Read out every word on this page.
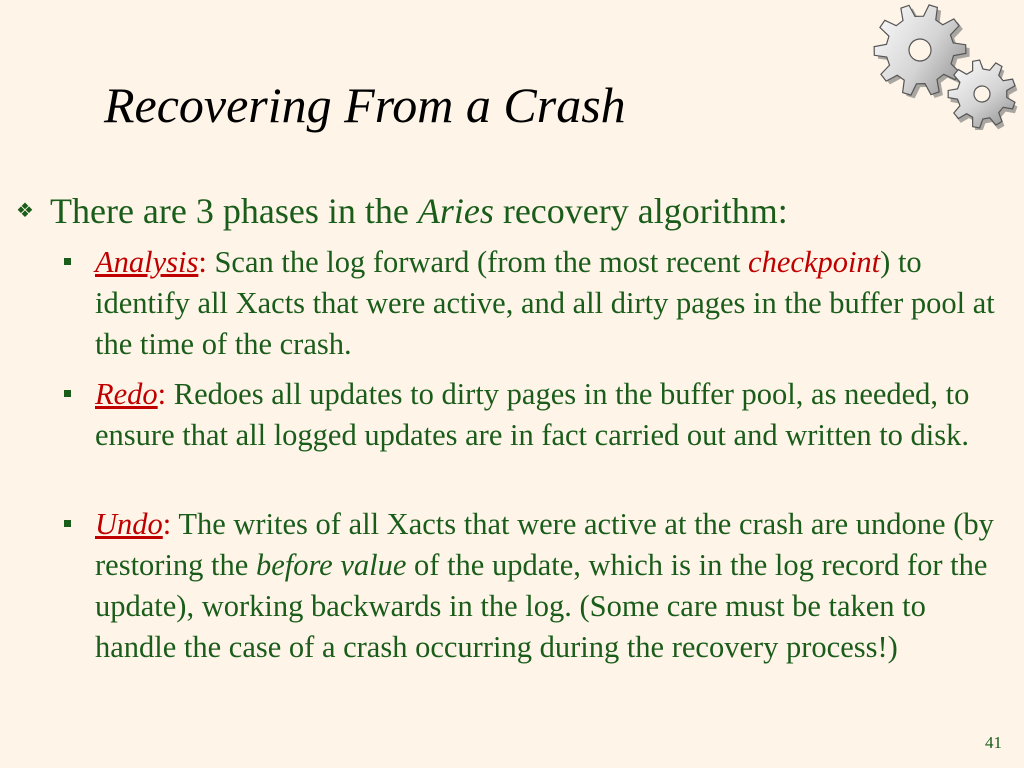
Recovering From a Crash
❖ There are 3 phases in the Aries recovery algorithm:
Analysis: Scan the log forward (from the most recent checkpoint) to identify all Xacts that were active, and all dirty pages in the buffer pool at the time of the crash.
Redo: Redoes all updates to dirty pages in the buffer pool, as needed, to ensure that all logged updates are in fact carried out and written to disk.
Undo: The writes of all Xacts that were active at the crash are undone (by restoring the before value of the update, which is in the log record for the update), working backwards in the log. (Some care must be taken to handle the case of a crash occurring during the recovery process!)
41
